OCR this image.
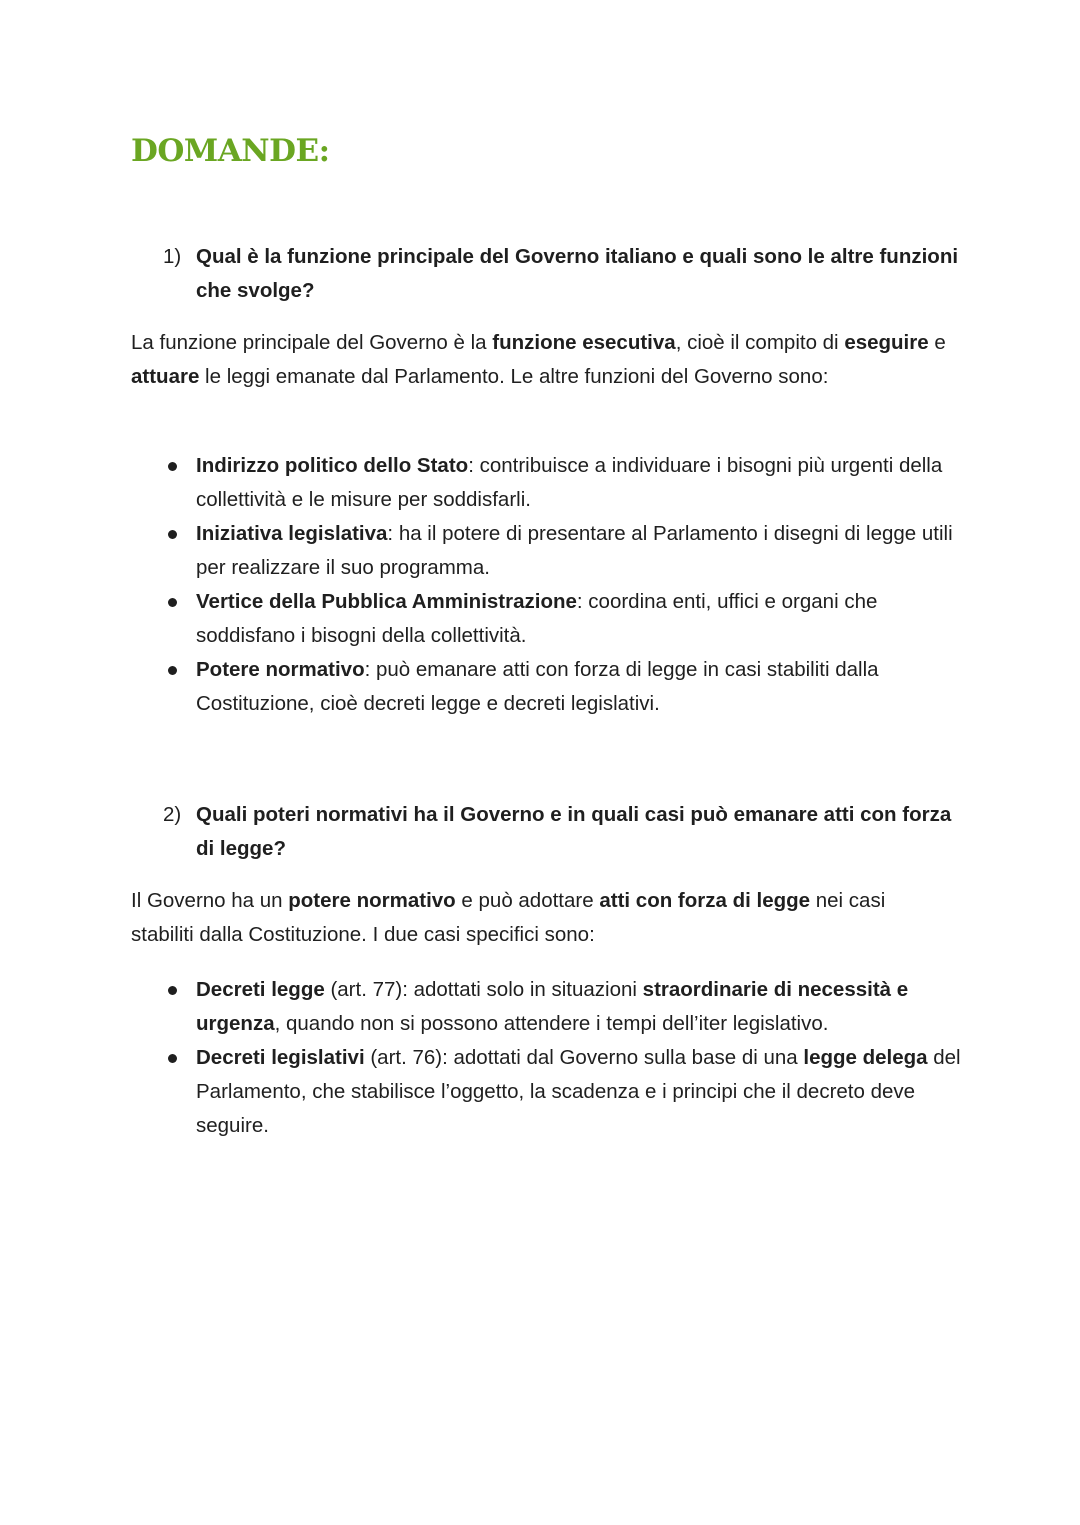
DOMANDE:
1) Qual è la funzione principale del Governo italiano e quali sono le altre funzioni che svolge?

La funzione principale del Governo è la funzione esecutiva, cioè il compito di eseguire e attuare le leggi emanate dal Parlamento. Le altre funzioni del Governo sono:

Indirizzo politico dello Stato: contribuisce a individuare i bisogni più urgenti della collettività e le misure per soddisfarli.
Iniziativa legislativa: ha il potere di presentare al Parlamento i disegni di legge utili per realizzare il suo programma.
Vertice della Pubblica Amministrazione: coordina enti, uffici e organi che soddisfano i bisogni della collettività.
Potere normativo: può emanare atti con forza di legge in casi stabiliti dalla Costituzione, cioè decreti legge e decreti legislativi.
2) Quali poteri normativi ha il Governo e in quali casi può emanare atti con forza di legge?

Il Governo ha un potere normativo e può adottare atti con forza di legge nei casi stabiliti dalla Costituzione. I due casi specifici sono:

Decreti legge (art. 77): adottati solo in situazioni straordinarie di necessità e urgenza, quando non si possono attendere i tempi dell’iter legislativo.
Decreti legislativi (art. 76): adottati dal Governo sulla base di una legge delega del Parlamento, che stabilisce l’oggetto, la scadenza e i principi che il decreto deve seguire.
